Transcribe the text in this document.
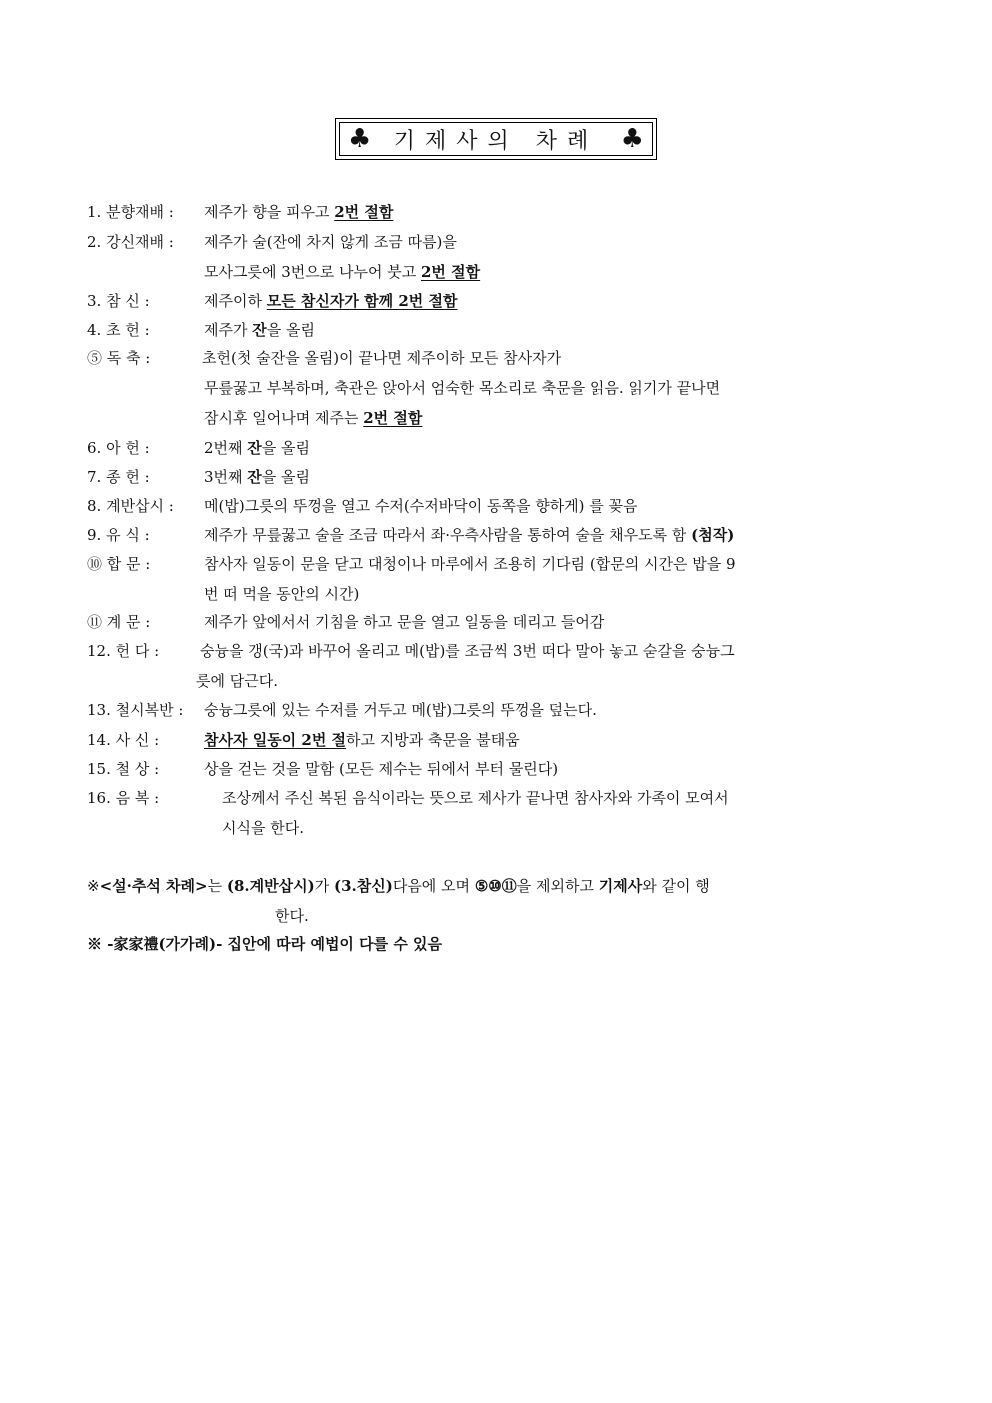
♣ 기제사의 차례 ♣
1. 분향재배 : 제주가 향을 피우고 2번 절함
2. 강신재배 : 제주가 술(잔에 차지 않게 조금 따름)을
모사그릇에 3번으로 나누어 붓고 2번 절함
3. 참 신 :	제주이하 모든 참신자가 함께 2번 절함
4. 초 헌 :	제주가 잔을 올림
⑤ 독 축 :	초헌(첫 술잔을 올림)이 끝나면 제주이하 모든 참사자가
무릎꿇고 부복하며, 축관은 앉아서 엄숙한 목소리로 축문을 읽음. 읽기가 끝나면
잠시후 일어나며 제주는 2번 절함
6. 아 헌 :	2번째 잔을 올림
7. 종 헌 :	3번째 잔을 올림
8. 계반삽시 : 메(밥)그릇의 뚜껑을 열고 수저(수저바닥이 동쪽을 향하게) 를 꽂음
9. 유 식 :	제주가 무릎꿇고 술을 조금 따라서 좌·우측사람을 통하여 술을 채우도록 함 (첨작)
⑩ 합 문 :	참사자 일동이 문을 닫고 대청이나 마루에서 조용히 기다림 (합문의 시간은 밥을 9
번 떠 먹을 동안의 시간)
⑪ 계 문 :	제주가 앞에서서 기침을 하고 문을 열고 일동을 데리고 들어감
12. 헌 다 :	숭늉을 갱(국)과 바꾸어 올리고 메(밥)를 조금씩 3번 떠다 말아 놓고 숟갈을 숭늉그
릇에 담근다.
13. 철시복반 : 숭늉그릇에 있는 수저를 거두고 메(밥)그릇의 뚜껑을 덮는다.
14. 사 신 :	참사자 일동이 2번 절하고 지방과 축문을 불태움
15. 철 상 :	상을 걷는 것을 말함 (모든 제수는 뒤에서 부터 물린다)
16. 음 복 :	조상께서 주신 복된 음식이라는 뜻으로 제사가 끝나면 참사자와 가족이 모여서
시식을 한다.
※<설·추석 차례>는 (8.계반삽시)가 (3.참신)다음에 오며 ⑤⑩⑪을 제외하고 기제사와 같이 행
한다.
※ -家家禮(가가례)- 집안에 따라 예법이 다를 수 있음
